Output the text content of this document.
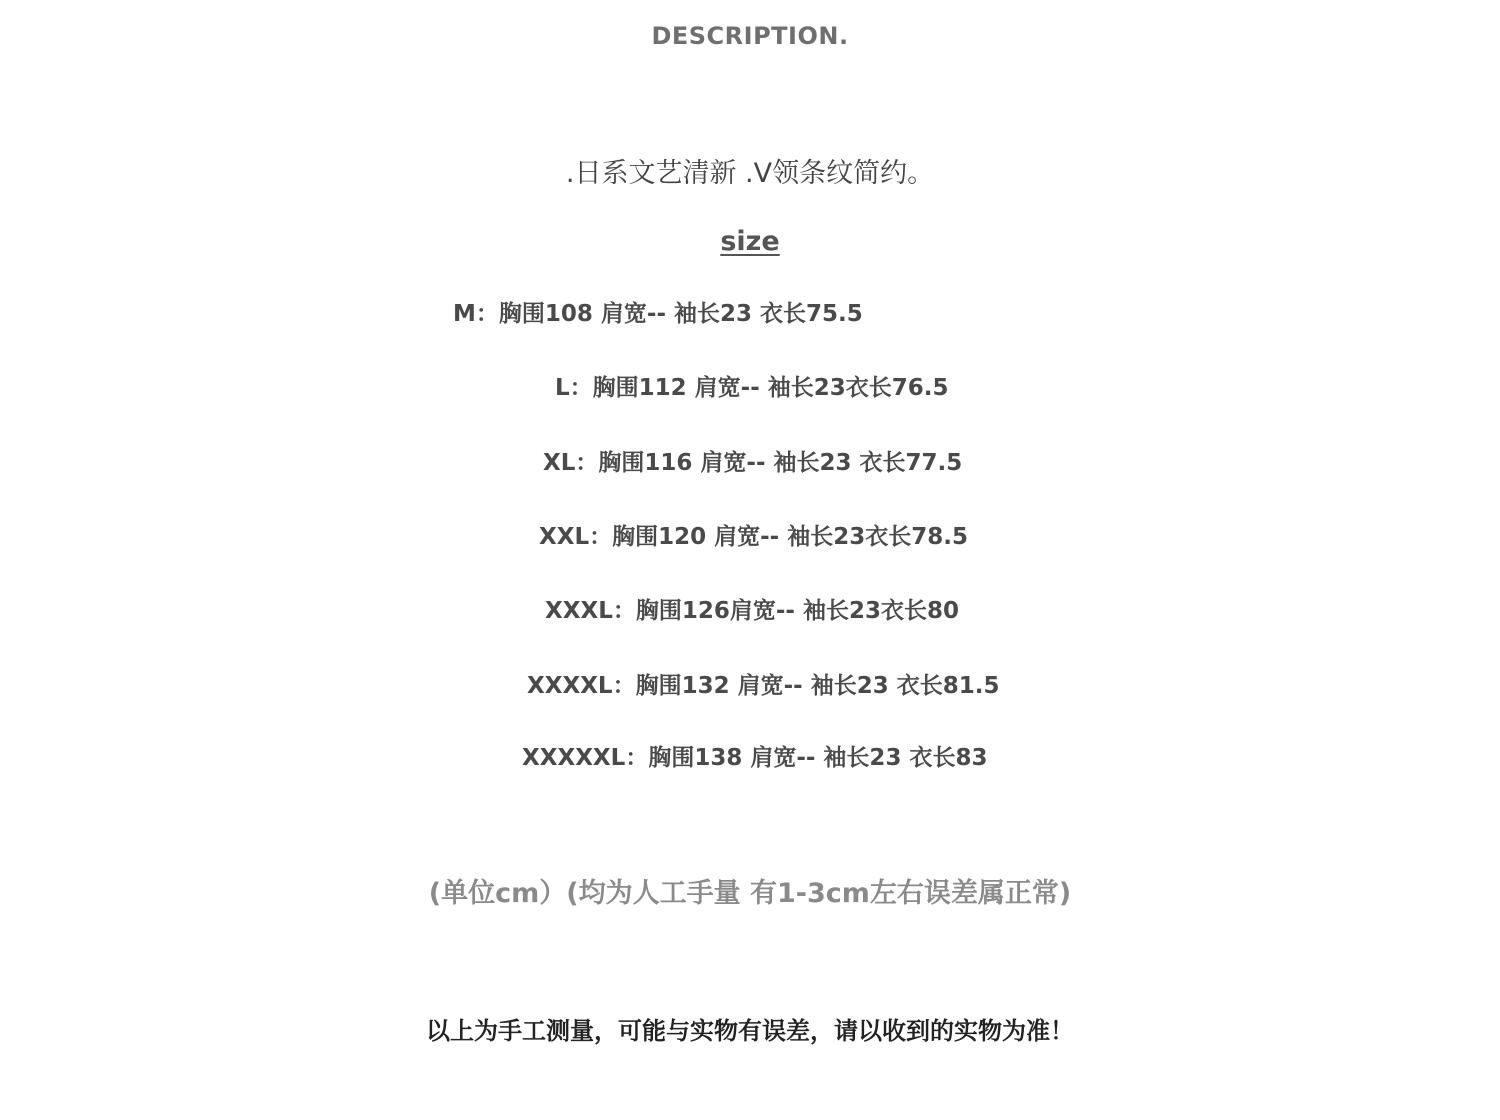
DESCRIPTION.
.日系文艺清新 .V领条纹简约。
size
M：胸围108 肩宽-- 袖长23 衣长75.5
L：胸围112 肩宽-- 袖长23衣长76.5
XL：胸围116 肩宽-- 袖长23 衣长77.5
XXL：胸围120 肩宽-- 袖长23衣长78.5
XXXL：胸围126肩宽-- 袖长23衣长80
XXXXL：胸围132 肩宽-- 袖长23 衣长81.5
XXXXXL：胸围138 肩宽-- 袖长23 衣长83
(单位cm）(均为人工手量 有1-3cm左右误差属正常)
以上为手工测量，可能与实物有误差，请以收到的实物为准！
